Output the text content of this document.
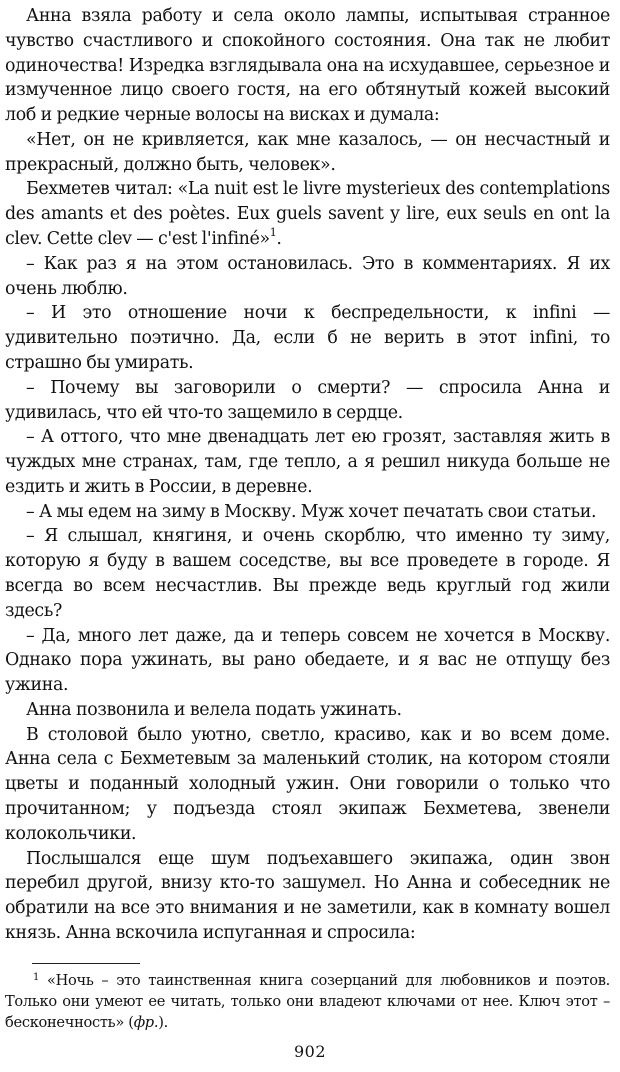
Анна взяла работу и села около лампы, испытывая странное чувство счастливого и спокойного состояния. Она так не любит одиночества! Изредка взглядывала она на исхудавшее, серьезное и измученное лицо своего гостя, на его обтянутый кожей высокий лоб и редкие черные волосы на висках и думала:

«Нет, он не кривляется, как мне казалось, — он несчастный и прекрасный, должно быть, человек».

Бехметев читал: «La nuit est le livre mysterieux des contemplations des amants et des poètes. Eux guels savent y lire, eux seuls en ont la clev. Cette clev — c'est l'infiné»$^1$.

– Как раз я на этом остановилась. Это в комментариях. Я их очень люблю.

– И это отношение ночи к беспредельности, к infini — удивительно поэтично. Да, если б не верить в этот infini, то страшно бы умирать.

– Почему вы заговорили о смерти? — спросила Анна и удивилась, что ей что-то защемило в сердце.

– А оттого, что мне двенадцать лет ею грозят, заставляя жить в чуждых мне странах, там, где тепло, а я решил никуда больше не ездить и жить в России, в деревне.

– А мы едем на зиму в Москву. Муж хочет печатать свои статьи.

– Я слышал, княгиня, и очень скорблю, что именно ту зиму, которую я буду в вашем соседстве, вы все проведете в городе. Я всегда во всем несчастлив. Вы прежде ведь круглый год жили здесь?

– Да, много лет даже, да и теперь совсем не хочется в Москву. Однако пора ужинать, вы рано обедаете, и я вас не отпущу без ужина.

Анна позвонила и велела подать ужинать.

В столовой было уютно, светло, красиво, как и во всем доме. Анна села с Бехметевым за маленький столик, на котором стояли цветы и поданный холодный ужин. Они говорили о только что прочитанном; у подъезда стоял экипаж Бехметева, звенели колокольчики.

Послышался еще шум подъехавшего экипажа, один звон перебил другой, внизу кто-то зашумел. Но Анна и собеседник не обратили на все это внимания и не заметили, как в комнату вошел князь. Анна вскочила испуганная и спросила:

$^1$ «Ночь – это таинственная книга созерцаний для любовников и поэтов. Только они умеют ее читать, только они владеют ключами от нее. Ключ этот – бесконечность» (фр.).

902
